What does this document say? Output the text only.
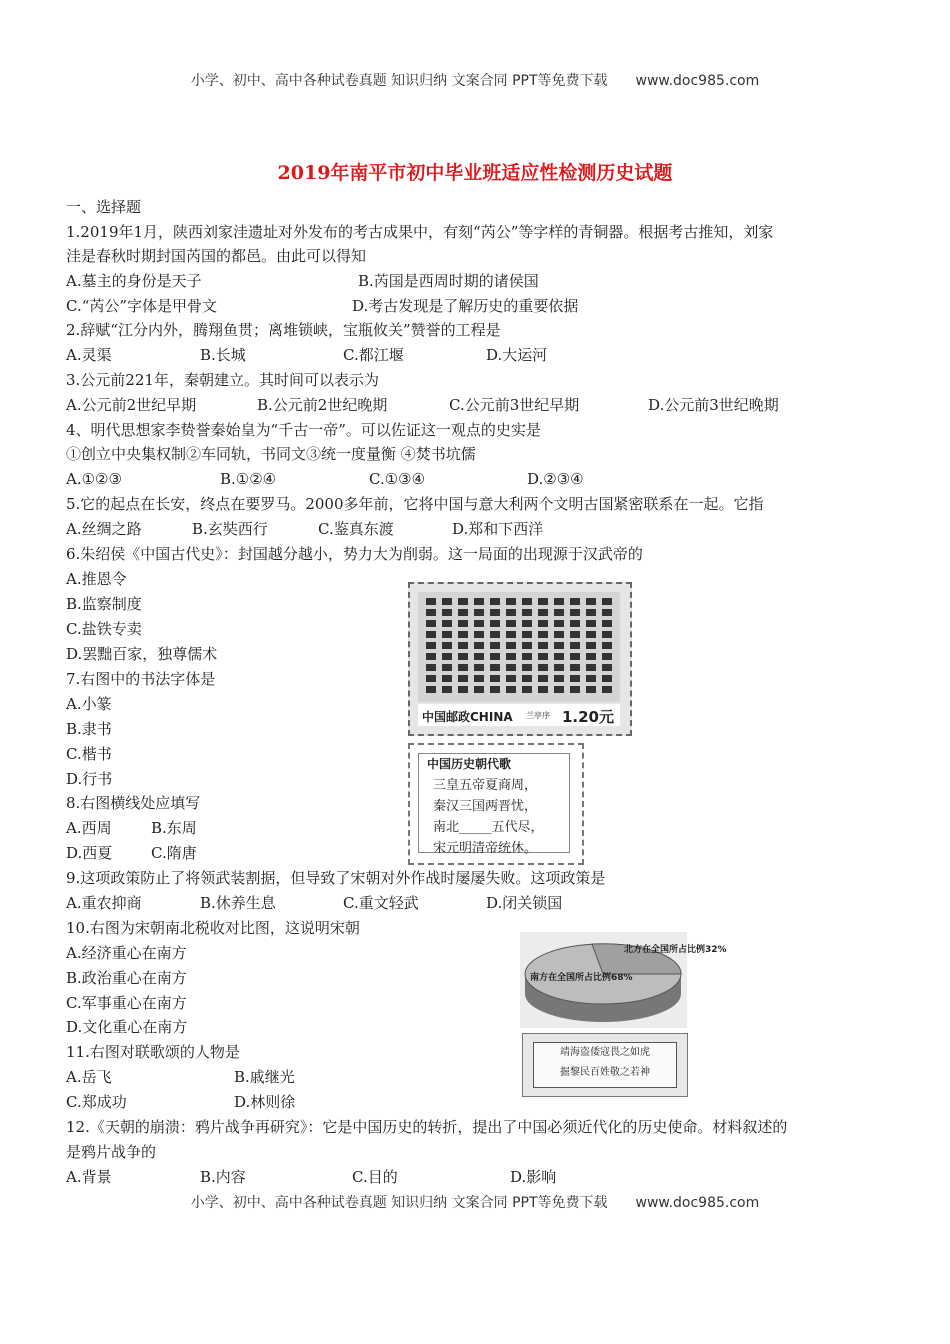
小学、初中、高中各种试卷真题 知识归纳 文案合同 PPT等免费下载 www.doc985.com
2019年南平市初中毕业班适应性检测历史试题
一、选择题
1.2019年1月，陕西刘家洼遗址对外发布的考古成果中，有刻“芮公”等字样的青铜器。根据考古推知，刘家
洼是春秋时期封国芮国的都邑。由此可以得知
A.墓主的身份是天子	B.芮国是西周时期的诸侯国
C.“芮公”字体是甲骨文	D.考古发现是了解历史的重要依据
2.辞赋“江分内外，腾翔鱼贯；离堆锁峡，宝瓶攸关”赞誉的工程是
A.灵渠	B.长城	C.都江堰	D.大运河
3.公元前221年，秦朝建立。其时间可以表示为
A.公元前2世纪早期	B.公元前2世纪晚期	C.公元前3世纪早期	D.公元前3世纪晚期
4、明代思想家李贽誉秦始皇为“千古一帝”。可以佐证这一观点的史实是
①创立中央集权制②车同轨，书同文③统一度量衡 ④焚书坑儒
A.①②③	B.①②④	C.①③④	D.②③④
5.它的起点在长安，终点在要罗马。2000多年前，它将中国与意大利两个文明古国紧密联系在一起。它指
A.丝绸之路	B.玄奘西行	C.鉴真东渡	D.郑和下西洋
6.朱绍侯《中国古代史》：封国越分越小，势力大为削弱。这一局面的出现源于汉武帝的
A.推恩令
B.监察制度
C.盐铁专卖
D.罢黜百家，独尊儒术
7.右图中的书法字体是
A.小篆
B.隶书
C.楷书
D.行书
8.右图横线处应填写
A.西周	B.东周
D.西夏	C.隋唐
9.这项政策防止了将领武装割据，但导致了宋朝对外作战时屡屡失败。这项政策是
A.重农抑商	B.休养生息	C.重文轻武	D.闭关锁国
10.右图为宋朝南北税收对比图，这说明宋朝
A.经济重心在南方
B.政治重心在南方
C.军事重心在南方
D.文化重心在南方
11.右图对联歌颂的人物是
A.岳飞	B.戚继光
C.郑成功	D.林则徐
12.《天朝的崩溃：鸦片战争再研究》：它是中国历史的转折，提出了中国必须近代化的历史使命。材料叙述的
是鸦片战争的
A.背景	B.内容	C.目的	D.影响
中国邮政CHINA 兰亭序 1.20元
中国历史朝代歌
三皇五帝夏商周，
秦汉三国两晋忧，
南北_____五代尽，
宋元明清帝统休。
北方在全国所占比例32%
南方在全国所占比例68%
靖海盗倭寇畏之如虎
掘黎民百姓敬之若神
小学、初中、高中各种试卷真题 知识归纳 文案合同 PPT等免费下载 www.doc985.com
